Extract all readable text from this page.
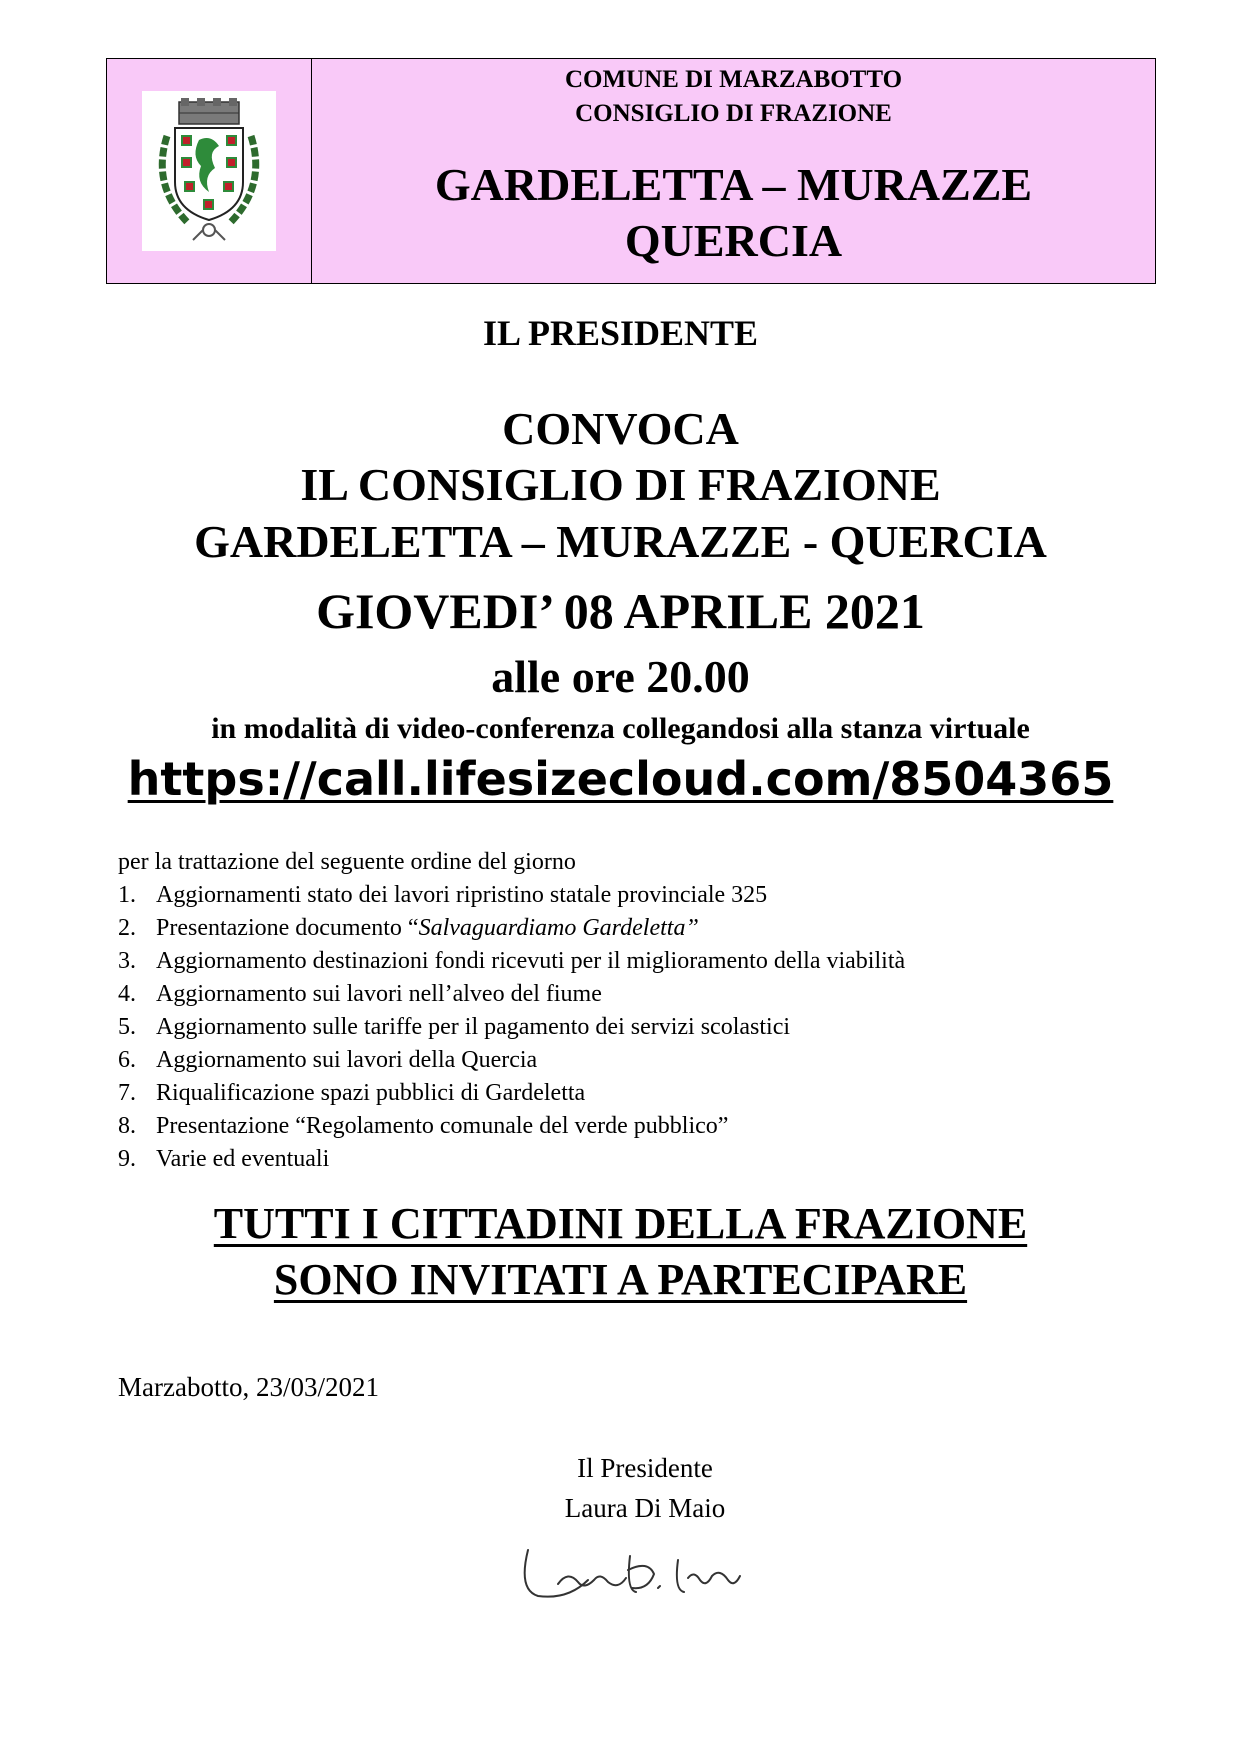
COMUNE DI MARZABOTTO
CONSIGLIO DI FRAZIONE
GARDELETTA – MURAZZE
QUERCIA
IL PRESIDENTE
CONVOCA
IL CONSIGLIO DI FRAZIONE
GARDELETTA – MURAZZE - QUERCIA
GIOVEDI’ 08 APRILE 2021
alle ore 20.00
in modalità di video-conferenza collegandosi alla stanza virtuale
https://call.lifesizecloud.com/8504365
per la trattazione del seguente ordine del giorno
1. Aggiornamenti stato dei lavori ripristino statale provinciale 325
2. Presentazione documento “Salvaguardiamo Gardeletta”
3. Aggiornamento destinazioni fondi ricevuti per il miglioramento della viabilità
4. Aggiornamento sui lavori nell’alveo del fiume
5. Aggiornamento sulle tariffe per il pagamento dei servizi scolastici
6. Aggiornamento sui lavori della Quercia
7. Riqualificazione spazi pubblici di Gardeletta
8. Presentazione “Regolamento comunale del verde pubblico”
9. Varie ed eventuali
TUTTI I CITTADINI DELLA FRAZIONE
SONO INVITATI A PARTECIPARE
Marzabotto, 23/03/2021
Il Presidente
Laura Di Maio
